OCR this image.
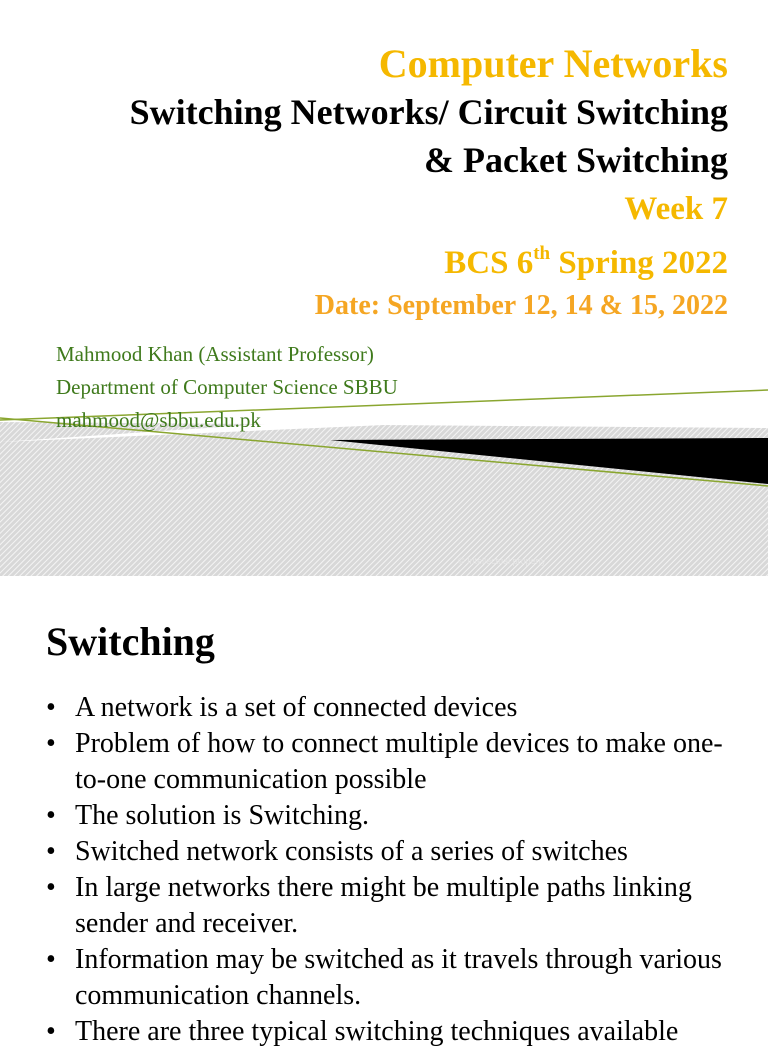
Computer Networks
Switching Networks/ Circuit Switching
& Packet Switching
Week 7
BCS 6th Spring 2022
Date: September 12, 14 & 15, 2022
Mahmood Khan (Assistant Professor)
Department of Computer Science SBBU
mahmood@sbbu.edu.pk
© Intellectual property
Switching
• A network is a set of connected devices
• Problem of how to connect multiple devices to make one-to-one communication possible
• The solution is Switching.
• Switched network consists of a series of switches
• In large networks there might be multiple paths linking sender and receiver.
• Information may be switched as it travels through various communication channels.
• There are three typical switching techniques available
